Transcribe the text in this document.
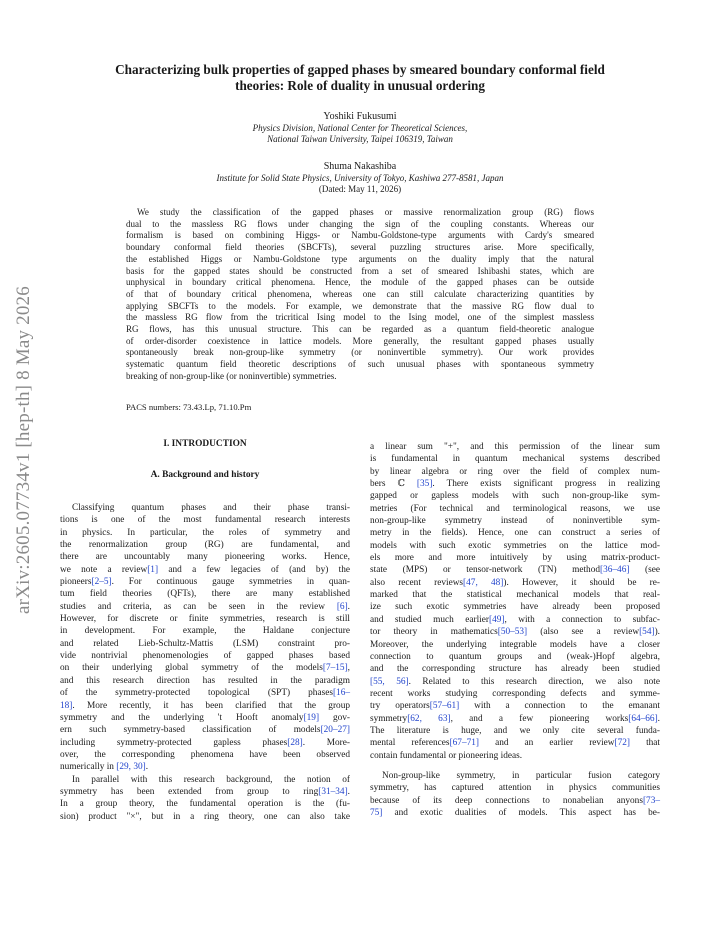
arXiv:2605.07734v1 [hep-th] 8 May 2026
Characterizing bulk properties of gapped phases by smeared boundary conformal field
theories: Role of duality in unusual ordering
Yoshiki Fukusumi
Physics Division, National Center for Theoretical Sciences,
National Taiwan University, Taipei 106319, Taiwan
Shuma Nakashiba
Institute for Solid State Physics, University of Tokyo, Kashiwa 277-8581, Japan
(Dated: May 11, 2026)
We study the classification of the gapped phases or massive renormalization group (RG) flows
dual to the massless RG flows under changing the sign of the coupling constants. Whereas our
formalism is based on combining Higgs- or Nambu-Goldstone-type arguments with Cardy's smeared
boundary conformal field theories (SBCFTs), several puzzling structures arise. More specifically,
the established Higgs or Nambu-Goldstone type arguments on the duality imply that the natural
basis for the gapped states should be constructed from a set of smeared Ishibashi states, which are
unphysical in boundary critical phenomena. Hence, the module of the gapped phases can be outside
of that of boundary critical phenomena, whereas one can still calculate characterizing quantities by
applying SBCFTs to the models. For example, we demonstrate that the massive RG flow dual to
the massless RG flow from the tricritical Ising model to the Ising model, one of the simplest massless
RG flows, has this unusual structure. This can be regarded as a quantum field-theoretic analogue
of order-disorder coexistence in lattice models. More generally, the resultant gapped phases usually
spontaneously break non-group-like symmetry (or noninvertible symmetry). Our work provides
systematic quantum field theoretic descriptions of such unusual phases with spontaneous symmetry
breaking of non-group-like (or noninvertible) symmetries.
PACS numbers: 73.43.Lp, 71.10.Pm
I. INTRODUCTION
A. Background and history
Classifying quantum phases and their phase transi-
tions is one of the most fundamental research interests
in physics. In particular, the roles of symmetry and
the renormalization group (RG) are fundamental, and
there are uncountably many pioneering works. Hence,
we note a review[1] and a few legacies of (and by) the
pioneers[2–5]. For continuous gauge symmetries in quan-
tum field theories (QFTs), there are many established
studies and criteria, as can be seen in the review [6].
However, for discrete or finite symmetries, research is still
in development. For example, the Haldane conjecture
and related Lieb-Schultz-Mattis (LSM) constraint pro-
vide nontrivial phenomenologies of gapped phases based
on their underlying global symmetry of the models[7–15],
and this research direction has resulted in the paradigm
of the symmetry-protected topological (SPT) phases[16–
18]. More recently, it has been clarified that the group
symmetry and the underlying 't Hooft anomaly[19] gov-
ern such symmetry-based classification of models[20–27]
including symmetry-protected gapless phases[28]. More-
over, the corresponding phenomena have been observed
numerically in [29, 30].
In parallel with this research background, the notion of
symmetry has been extended from group to ring[31–34].
In a group theory, the fundamental operation is the (fu-
sion) product "×", but in a ring theory, one can also take
a linear sum "+", and this permission of the linear sum
is fundamental in quantum mechanical systems described
by linear algebra or ring over the field of complex num-
bers ℂ [35]. There exists significant progress in realizing
gapped or gapless models with such non-group-like sym-
metries (For technical and terminological reasons, we use
non-group-like symmetry instead of noninvertible sym-
metry in the fields). Hence, one can construct a series of
models with such exotic symmetries on the lattice mod-
els more and more intuitively by using matrix-product-
state (MPS) or tensor-network (TN) method[36–46] (see
also recent reviews[47, 48]). However, it should be re-
marked that the statistical mechanical models that real-
ize such exotic symmetries have already been proposed
and studied much earlier[49], with a connection to subfac-
tor theory in mathematics[50–53] (also see a review[54]).
Moreover, the underlying integrable models have a closer
connection to quantum groups and (weak-)Hopf algebra,
and the corresponding structure has already been studied
[55, 56]. Related to this research direction, we also note
recent works studying corresponding defects and symme-
try operators[57–61] with a connection to the emanant
symmetry[62, 63], and a few pioneering works[64–66].
The literature is huge, and we only cite several funda-
mental references[67–71] and an earlier review[72] that
contain fundamental or pioneering ideas.
Non-group-like symmetry, in particular fusion category
symmetry, has captured attention in physics communities
because of its deep connections to nonabelian anyons[73–
75] and exotic dualities of models. This aspect has be-
